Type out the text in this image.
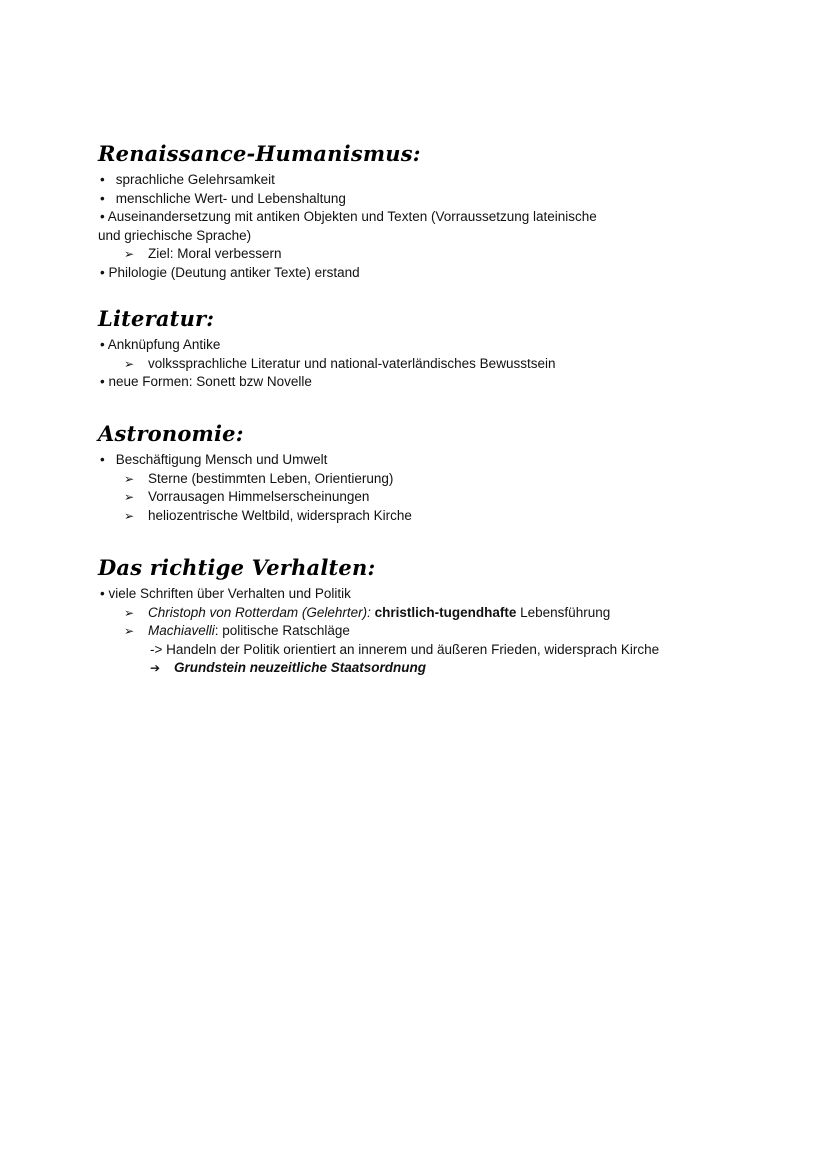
Renaissance-Humanismus:
• sprachliche Gelehrsamkeit
• menschliche Wert- und Lebenshaltung
• Auseinandersetzung mit antiken Objekten und Texten (Vorraussetzung lateinische
und griechische Sprache)
➢ Ziel: Moral verbessern
• Philologie (Deutung antiker Texte) erstand
Literatur:
• Anknüpfung Antike
➢ volkssprachliche Literatur und national-vaterländisches Bewusstsein
• neue Formen: Sonett bzw Novelle
Astronomie:
• Beschäftigung Mensch und Umwelt
➢ Sterne (bestimmten Leben, Orientierung)
➢ Vorrausagen Himmelserscheinungen
➢ heliozentrische Weltbild, widersprach Kirche
Das richtige Verhalten:
• viele Schriften über Verhalten und Politik
➢ Christoph von Rotterdam (Gelehrter): christlich-tugendhafte Lebensführung
➢ Machiavelli: politische Ratschläge
-> Handeln der Politik orientiert an innerem und äußeren Frieden, widersprach Kirche
➔ Grundstein neuzeitliche Staatsordnung
